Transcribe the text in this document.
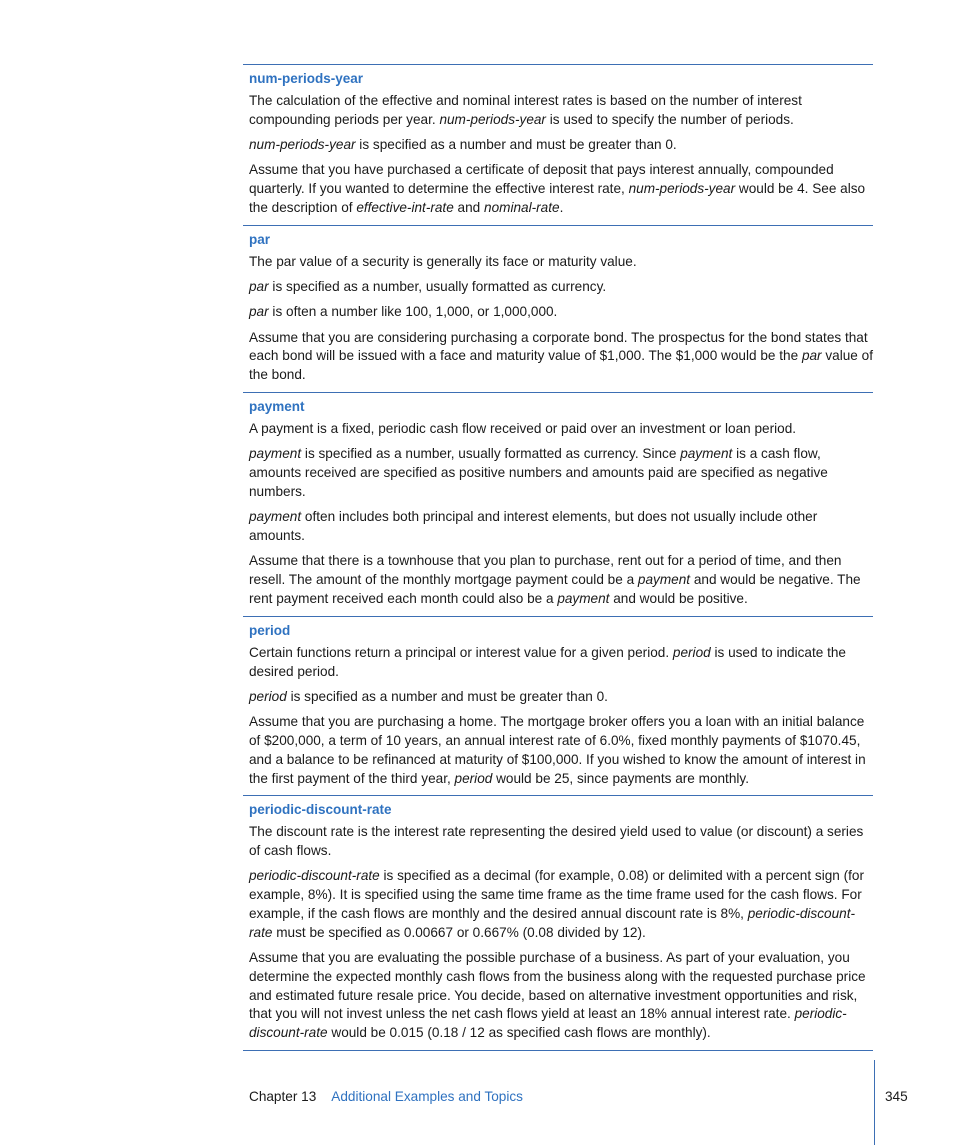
num-periods-year

The calculation of the effective and nominal interest rates is based on the number of interest compounding periods per year. num-periods-year is used to specify the number of periods.

num-periods-year is specified as a number and must be greater than 0.

Assume that you have purchased a certificate of deposit that pays interest annually, compounded quarterly. If you wanted to determine the effective interest rate, num-periods-year would be 4. See also the description of effective-int-rate and nominal-rate.

par

The par value of a security is generally its face or maturity value.

par is specified as a number, usually formatted as currency.

par is often a number like 100, 1,000, or 1,000,000.

Assume that you are considering purchasing a corporate bond. The prospectus for the bond states that each bond will be issued with a face and maturity value of $1,000. The $1,000 would be the par value of the bond.

payment

A payment is a fixed, periodic cash flow received or paid over an investment or loan period.

payment is specified as a number, usually formatted as currency. Since payment is a cash flow, amounts received are specified as positive numbers and amounts paid are specified as negative numbers.

payment often includes both principal and interest elements, but does not usually include other amounts.

Assume that there is a townhouse that you plan to purchase, rent out for a period of time, and then resell. The amount of the monthly mortgage payment could be a payment and would be negative. The rent payment received each month could also be a payment and would be positive.

period

Certain functions return a principal or interest value for a given period. period is used to indicate the desired period.

period is specified as a number and must be greater than 0.

Assume that you are purchasing a home. The mortgage broker offers you a loan with an initial balance of $200,000, a term of 10 years, an annual interest rate of 6.0%, fixed monthly payments of $1070.45, and a balance to be refinanced at maturity of $100,000. If you wished to know the amount of interest in the first payment of the third year, period would be 25, since payments are monthly.

periodic-discount-rate

The discount rate is the interest rate representing the desired yield used to value (or discount) a series of cash flows.

periodic-discount-rate is specified as a decimal (for example, 0.08) or delimited with a percent sign (for example, 8%). It is specified using the same time frame as the time frame used for the cash flows. For example, if the cash flows are monthly and the desired annual discount rate is 8%, periodic-discount-rate must be specified as 0.00667 or 0.667% (0.08 divided by 12).

Assume that you are evaluating the possible purchase of a business. As part of your evaluation, you determine the expected monthly cash flows from the business along with the requested purchase price and estimated future resale price. You decide, based on alternative investment opportunities and risk, that you will not invest unless the net cash flows yield at least an 18% annual interest rate. periodic-discount-rate would be 0.015 (0.18 / 12 as specified cash flows are monthly).

Chapter 13 Additional Examples and Topics	345
